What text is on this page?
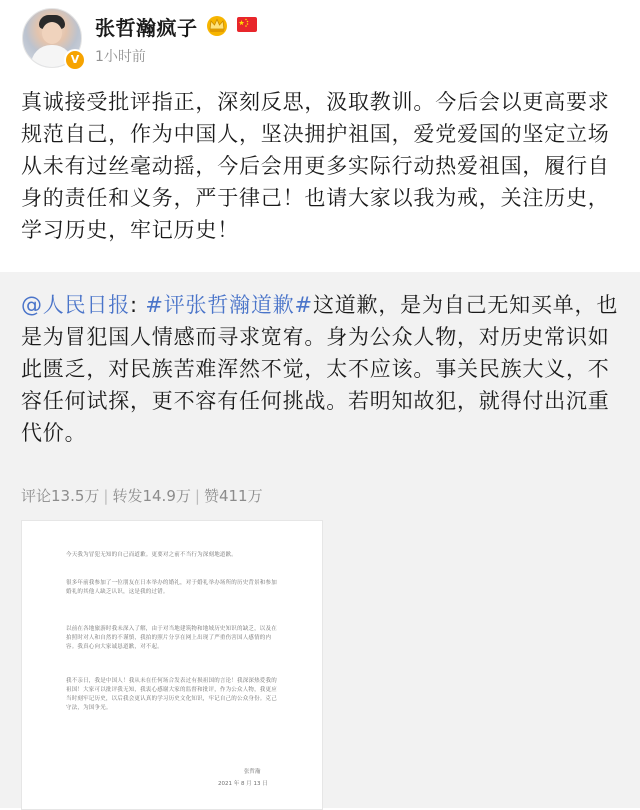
V
张哲瀚疯子
1小时前
真诚接受批评指正，深刻反思，汲取教训。今后会以更高要求规范自己，作为中国人，坚决拥护祖国，爱党爱国的坚定立场从未有过丝毫动摇，今后会用更多实际行动热爱祖国，履行自身的责任和义务，严于律己！也请大家以我为戒，关注历史，学习历史，牢记历史！
@人民日报: #评张哲瀚道歉#这道歉，是为自己无知买单，也是为冒犯国人情感而寻求宽宥。身为公众人物，对历史常识如此匮乏，对民族苦难浑然不觉，太不应该。事关民族大义，不容任何试探，更不容有任何挑战。若明知故犯，就得付出沉重代价。
评论13.5万 | 转发14.9万 | 赞411万
今天我为冒犯无知的自己而道歉。更要对之前不当行为深刻地道歉。
很多年前我参加了一位朋友在日本举办的婚礼，对于婚礼举办场所的历史背景和参加婚礼的其他人缺乏认识，这是我的过错。
以前在各地旅游时我未深入了解，由于对当地建筑物和地域历史知识的缺乏，以及在拍照时对人和自然的不谨慎，我拍的照片分享在网上出现了严重伤害国人感情的内容。我真心向大家诚恳道歉，对不起。
我不亲日，我是中国人！我从未在任何场合发表过有损祖国的言论！我深深热爱我的祖国！大家可以批评我无知，我衷心感谢大家的监督和批评，作为公众人物，我更应当时刻牢记历史，以后我会更认真的学习历史文化知识，牢记自己的公众身份。克己守法，为国争光。
张哲瀚
2021 年 8 月 13 日
